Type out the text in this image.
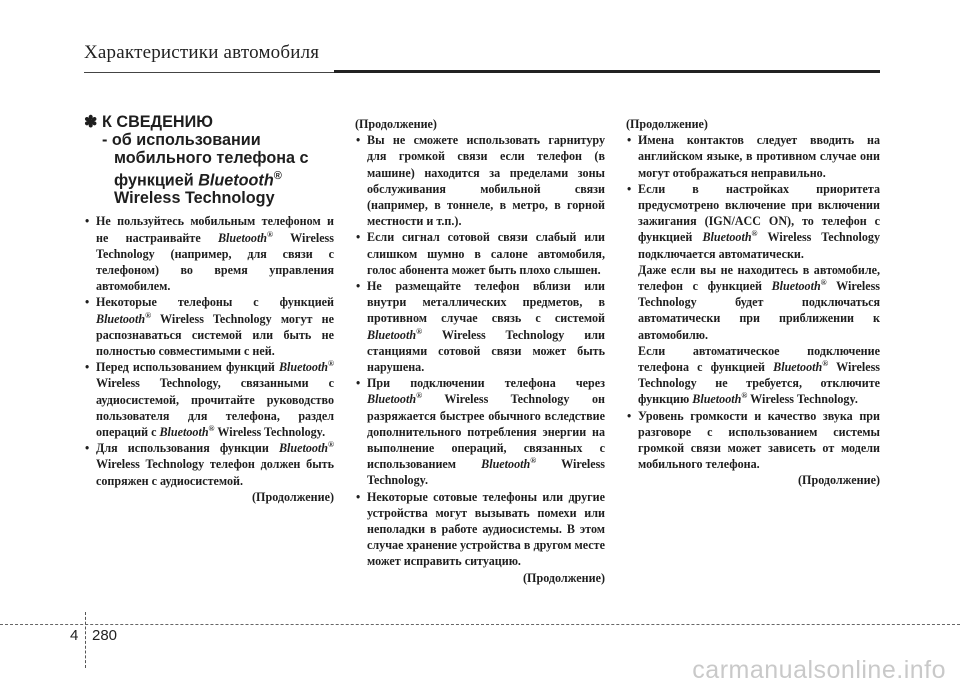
Характеристики автомобиля
✽ К СВЕДЕНИЮ
- об использовании
мобильного телефона с
функцией Bluetooth®
Wireless Technology
• Не пользуйтесь мобильным телефоном и не настраивайте Bluetooth® Wireless Technology (например, для связи с телефоном) во время управления автомобилем.
• Некоторые телефоны с функцией Bluetooth® Wireless Technology могут не распознаваться системой или быть не полностью совместимыми с ней.
• Перед использованием функций Bluetooth® Wireless Technology, связанными с аудиосистемой, прочитайте руководство пользователя для телефона, раздел операций с Bluetooth® Wireless Technology.
• Для использования функции Bluetooth® Wireless Technology телефон должен быть сопряжен с аудиосистемой.
(Продолжение)
(Продолжение)
• Вы не сможете использовать гарнитуру для громкой связи если телефон (в машине) находится за пределами зоны обслуживания мобильной связи (например, в тоннеле, в метро, в горной местности и т.п.).
• Если сигнал сотовой связи слабый или слишком шумно в салоне автомобиля, голос абонента может быть плохо слышен.
• Не размещайте телефон вблизи или внутри металлических предметов, в противном случае связь с системой Bluetooth® Wireless Technology или станциями сотовой связи может быть нарушена.
• При подключении телефона через Bluetooth® Wireless Technology он разряжается быстрее обычного вследствие дополнительного потребления энергии на выполнение операций, связанных с использованием Bluetooth® Wireless Technology.
• Некоторые сотовые телефоны или другие устройства могут вызывать помехи или неполадки в работе аудиосистемы. В этом случае хранение устройства в другом месте может исправить ситуацию.
(Продолжение)
(Продолжение)
• Имена контактов следует вводить на английском языке, в противном случае они могут отображаться неправильно.
• Если в настройках приоритета предусмотрено включение при включении зажигания (IGN/ACC ON), то телефон с функцией Bluetooth® Wireless Technology подключается автоматически.
Даже если вы не находитесь в автомобиле, телефон с функцией Bluetooth® Wireless Technology будет подключаться автоматически при приближении к автомобилю.
Если автоматическое подключение телефона с функцией Bluetooth® Wireless Technology не требуется, отключите функцию Bluetooth® Wireless Technology.
• Уровень громкости и качество звука при разговоре с использованием системы громкой связи может зависеть от модели мобильного телефона.
(Продолжение)
4 280
carmanualsonline.info
